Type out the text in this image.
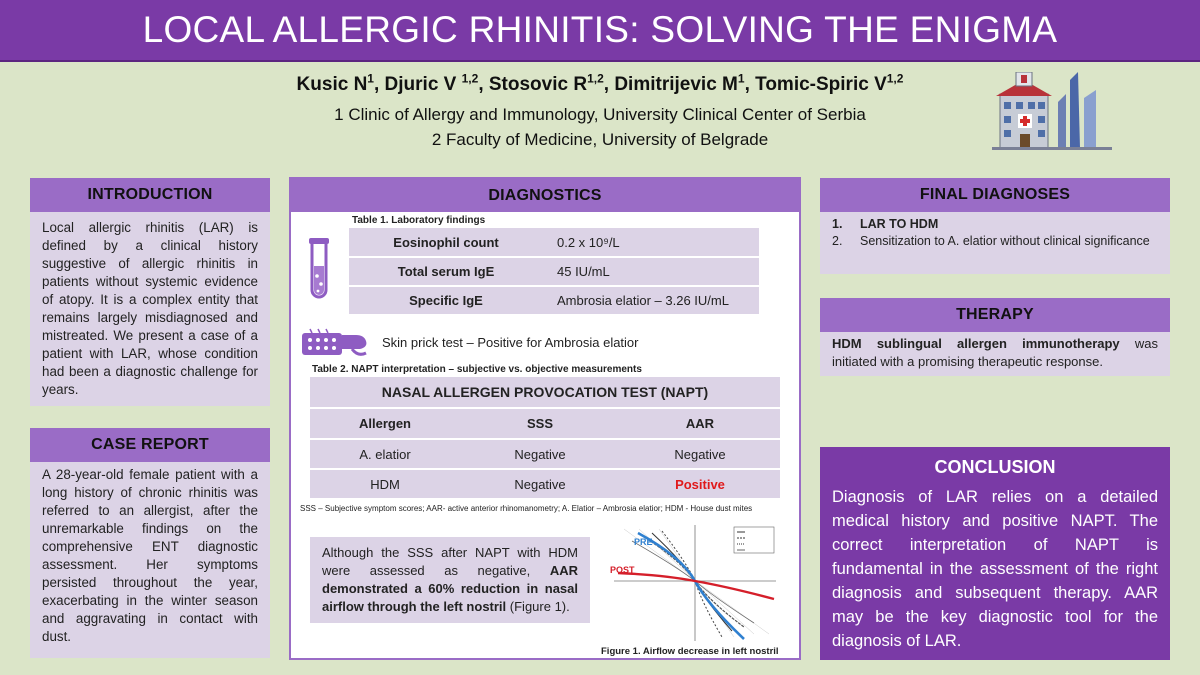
LOCAL ALLERGIC RHINITIS: SOLVING THE ENIGMA
Kusic $N^1$, Djuric V $^{1,2}$, Stosovic R$^{1,2}$, Dimitrijevic $M^1$, Tomic-Spiric V$^{1,2}$
1 Clinic of Allergy and Immunology, University Clinical Center of Serbia
2 Faculty of Medicine, University of Belgrade
INTRODUCTION
Local allergic rhinitis (LAR) is defined by a clinical history suggestive of allergic rhinitis in patients without systemic evidence of atopy. It is a complex entity that remains largely misdiagnosed and mistreated. We present a case of a patient with LAR, whose condition had been a diagnostic challenge for years.
CASE REPORT
A 28-year-old female patient with a long history of chronic rhinitis was referred to an allergist, after the unremarkable findings on the comprehensive ENT diagnostic assessment. Her symptoms persisted throughout the year, exacerbating in the winter season and aggravating in contact with dust.
DIAGNOSTICS
Table 1. Laboratory findings
Eosinophil count	0.2 x 10⁹/L
Total serum IgE	45 IU/mL
Specific IgE	Ambrosia elatior – 3.26 IU/mL
Skin prick test – Positive for Ambrosia elatior
Table 2. NAPT interpretation – subjective vs. objective measurements
NASAL ALLERGEN PROVOCATION TEST (NAPT)
Allergen	SSS	AAR
A. elatior	Negative	Negative
HDM	Negative	Positive
SSS – Subjective symptom scores; AAR- active anterior rhinomanometry; A. Elatior – Ambrosia elatior; HDM - House dust mites
Although the SSS after NAPT with HDM were assessed as negative, AAR demonstrated a 60% reduction in nasal airflow through the left nostril (Figure 1).
PRE
POST
Figure 1. Airflow decrease in left nostril
FINAL DIAGNOSES
1.	LAR TO HDM
2.	Sensitization to A. elatior without clinical significance
THERAPY
HDM sublingual allergen immunotherapy was initiated with a promising therapeutic response.
CONCLUSION
Diagnosis of LAR relies on a detailed medical history and positive NAPT. The correct interpretation of NAPT is fundamental in the assessment of the right diagnosis and subsequent therapy. AAR may be the key diagnostic tool for the diagnosis of LAR.
